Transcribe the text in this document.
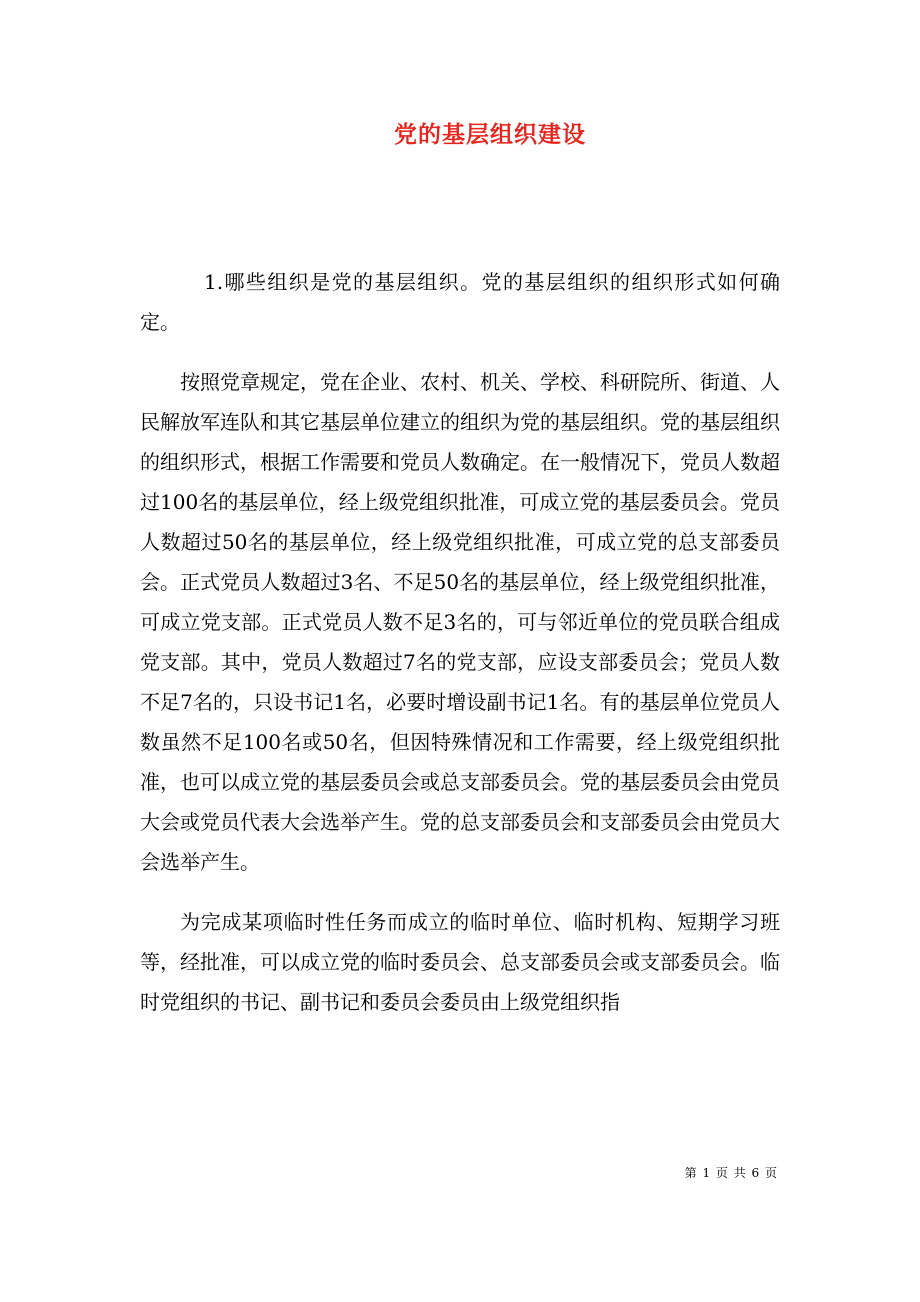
党的基层组织建设

1.哪些组织是党的基层组织。党的基层组织的组织形式如何确定。

按照党章规定，党在企业、农村、机关、学校、科研院所、街道、人民解放军连队和其它基层单位建立的组织为党的基层组织。党的基层组织的组织形式，根据工作需要和党员人数确定。在一般情况下，党员人数超过100名的基层单位，经上级党组织批准，可成立党的基层委员会。党员人数超过50名的基层单位，经上级党组织批准，可成立党的总支部委员会。正式党员人数超过3名、不足50名的基层单位，经上级党组织批准，可成立党支部。正式党员人数不足3名的，可与邻近单位的党员联合组成党支部。其中，党员人数超过7名的党支部，应设支部委员会；党员人数不足7名的，只设书记1名，必要时增设副书记1名。有的基层单位党员人数虽然不足100名或50名，但因特殊情况和工作需要，经上级党组织批准，也可以成立党的基层委员会或总支部委员会。党的基层委员会由党员大会或党员代表大会选举产生。党的总支部委员会和支部委员会由党员大会选举产生。

为完成某项临时性任务而成立的临时单位、临时机构、短期学习班等，经批准，可以成立党的临时委员会、总支部委员会或支部委员会。临时党组织的书记、副书记和委员会委员由上级党组织指

第 1 页 共 6 页
